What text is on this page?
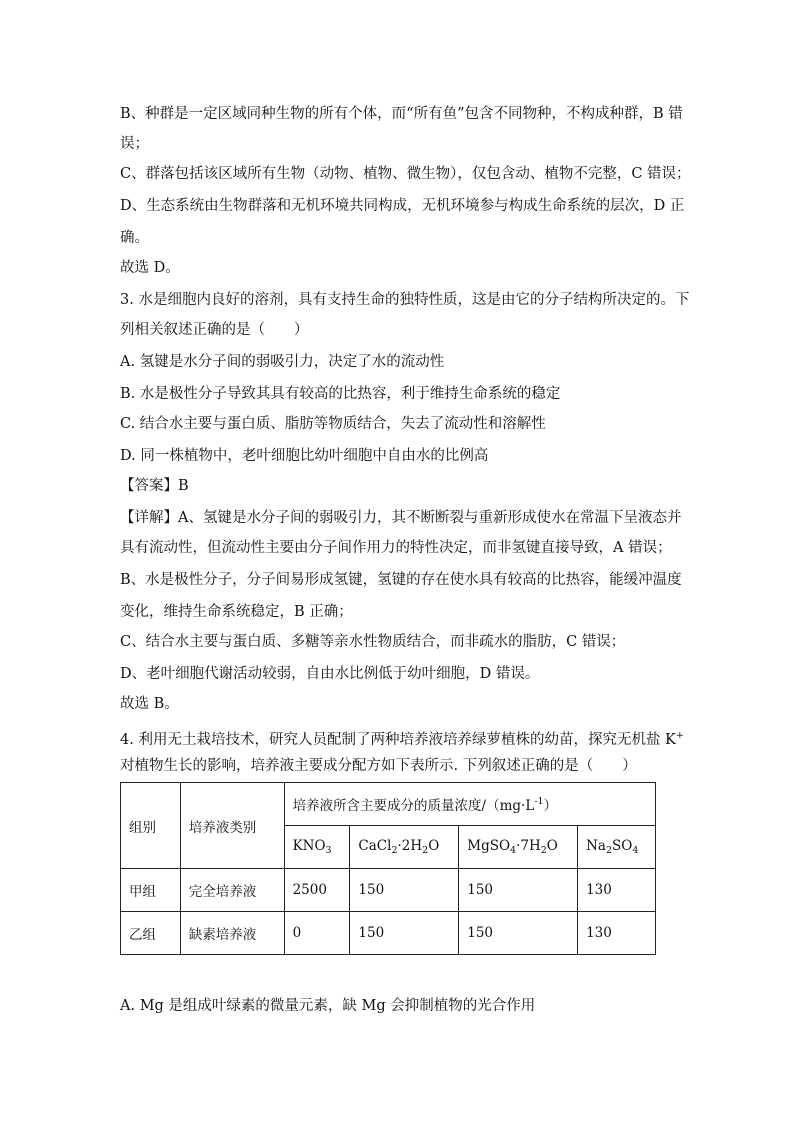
B、种群是一定区域同种生物的所有个体，而“所有鱼”包含不同物种，不构成种群，B 错
误；
C、群落包括该区域所有生物（动物、植物、微生物），仅包含动、植物不完整，C 错误；
D、生态系统由生物群落和无机环境共同构成，无机环境参与构成生命系统的层次，D 正
确。
故选 D。
3. 水是细胞内良好的溶剂，具有支持生命的独特性质，这是由它的分子结构所决定的。下
列相关叙述正确的是（　　）
A. 氢键是水分子间的弱吸引力，决定了水的流动性
B. 水是极性分子导致其具有较高的比热容，利于维持生命系统的稳定
C. 结合水主要与蛋白质、脂肪等物质结合，失去了流动性和溶解性
D. 同一株植物中，老叶细胞比幼叶细胞中自由水的比例高
【答案】B
【详解】A、氢键是水分子间的弱吸引力，其不断断裂与重新形成使水在常温下呈液态并
具有流动性，但流动性主要由分子间作用力的特性决定，而非氢键直接导致，A 错误；
B、水是极性分子，分子间易形成氢键，氢键的存在使水具有较高的比热容，能缓冲温度
变化，维持生命系统稳定，B 正确；
C、结合水主要与蛋白质、多糖等亲水性物质结合，而非疏水的脂肪，C 错误；
D、老叶细胞代谢活动较弱，自由水比例低于幼叶细胞，D 错误。
故选 B。
4. 利用无土栽培技术，研究人员配制了两种培养液培养绿萝植株的幼苗，探究无机盐 K+
对植物生长的影响，培养液主要成分配方如下表所示. 下列叙述正确的是（　　）
组别	培养液类别	培养液所含主要成分的质量浓度$/(mg\cdot L^{-1})$			
		$KNO_3$	$CaCl_2\cdot 2H_2O$	$MgSO_4\cdot 7H_2O$	$Na_2SO_4$
甲组	完全培养液	2500	150	150	130
乙组	缺素培养液	0	150	150	130
A. Mg 是组成叶绿素的微量元素，缺 Mg 会抑制植物的光合作用
